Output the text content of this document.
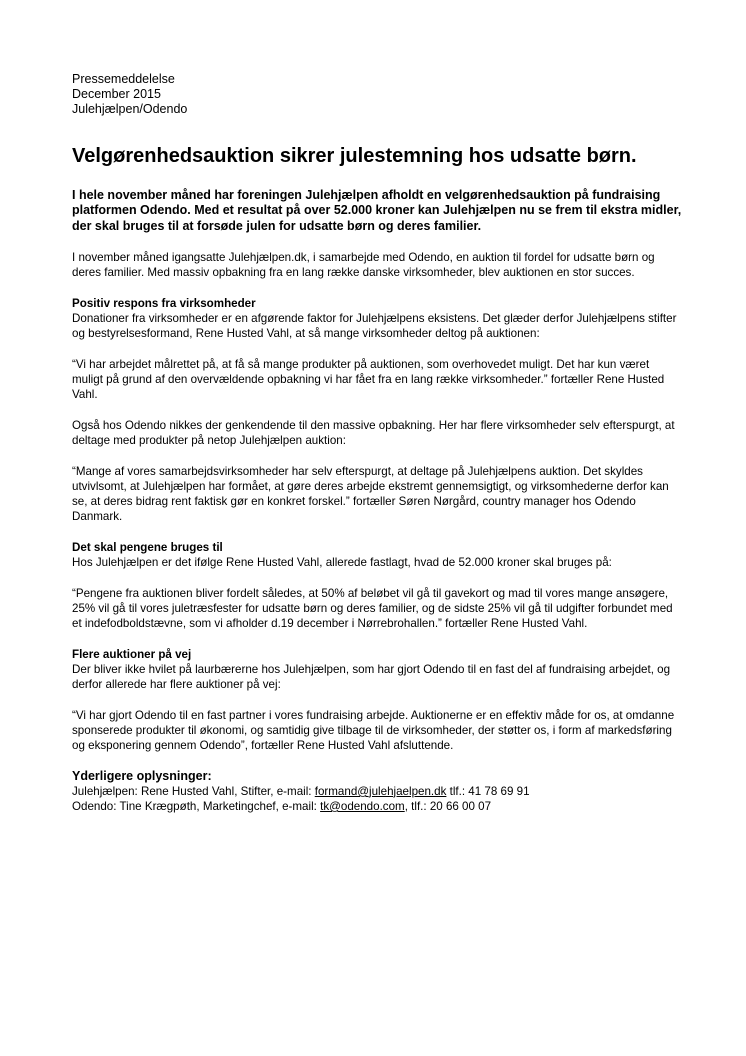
Pressemeddelelse
December 2015
Julehjælpen/Odendo
Velgørenhedsauktion sikrer julestemning hos udsatte børn.
I hele november måned har foreningen Julehjælpen afholdt en velgørenhedsauktion på fundraising platformen Odendo. Med et resultat på over 52.000 kroner kan Julehjælpen nu se frem til ekstra midler, der skal bruges til at forsøde julen for udsatte børn og deres familier.

I november måned igangsatte Julehjælpen.dk, i samarbejde med Odendo, en auktion til fordel for udsatte børn og deres familier. Med massiv opbakning fra en lang række danske virksomheder, blev auktionen en stor succes.

Positiv respons fra virksomheder

Donationer fra virksomheder er en afgørende faktor for Julehjælpens eksistens. Det glæder derfor Julehjælpens stifter og bestyrelsesformand, Rene Husted Vahl, at så mange virksomheder deltog på auktionen:

“Vi har arbejdet målrettet på, at få så mange produkter på auktionen, som overhovedet muligt. Det har kun været muligt på grund af den overvældende opbakning vi har fået fra en lang række virksomheder.” fortæller Rene Husted Vahl.

Også hos Odendo nikkes der genkendende til den massive opbakning. Her har flere virksomheder selv efterspurgt, at deltage med produkter på netop Julehjælpen auktion:

“Mange af vores samarbejdsvirksomheder har selv efterspurgt, at deltage på Julehjælpens auktion. Det skyldes utvivlsomt, at Julehjælpen har formået, at gøre deres arbejde ekstremt gennemsigtigt, og virksomhederne derfor kan se, at deres bidrag rent faktisk gør en konkret forskel.” fortæller Søren Nørgård, country manager hos Odendo Danmark.

Det skal pengene bruges til

Hos Julehjælpen er det ifølge Rene Husted Vahl, allerede fastlagt, hvad de 52.000 kroner skal bruges på:

“Pengene fra auktionen bliver fordelt således, at 50% af beløbet vil gå til gavekort og mad til vores mange ansøgere, 25% vil gå til vores juletræsfester for udsatte børn og deres familier, og de sidste 25% vil gå til udgifter forbundet med et indefodboldstævne, som vi afholder d.19 december i Nørrebrohallen.” fortæller Rene Husted Vahl.

Flere auktioner på vej

Der bliver ikke hvilet på laurbærerne hos Julehjælpen, som har gjort Odendo til en fast del af fundraising arbejdet, og derfor allerede har flere auktioner på vej:

“Vi har gjort Odendo til en fast partner i vores fundraising arbejde. Auktionerne er en effektiv måde for os, at omdanne sponserede produkter til økonomi, og samtidig give tilbage til de virksomheder, der støtter os, i form af markedsføring og eksponering gennem Odendo”, fortæller Rene Husted Vahl afsluttende.

Yderligere oplysninger:
Julehjælpen: Rene Husted Vahl, Stifter, e-mail: formand@julehjaelpen.dk tlf.: 41 78 69 91
Odendo: Tine Krægpøth, Marketingchef, e-mail: tk@odendo.com, tlf.: 20 66 00 07
